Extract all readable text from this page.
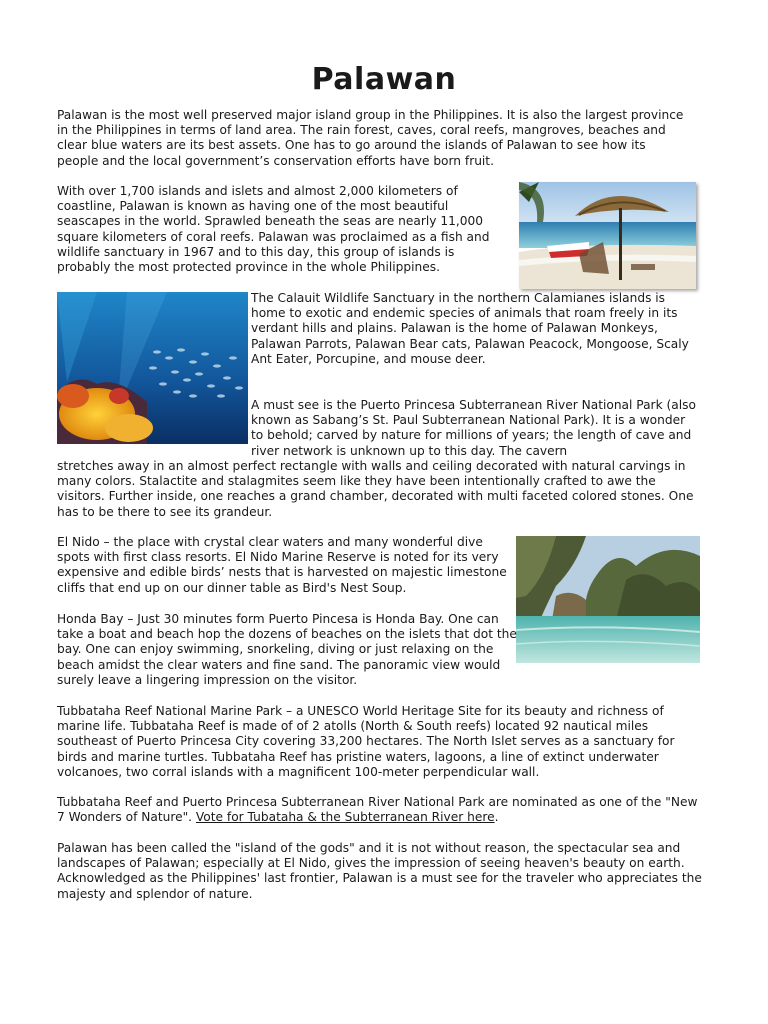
Palawan

Palawan is the most well preserved major island group in the Philippines. It is also the largest province in the Philippines in terms of land area. The rain forest, caves, coral reefs, mangroves, beaches and clear blue waters are its best assets. One has to go around the islands of Palawan to see how its people and the local government’s conservation efforts have born fruit.

With over 1,700 islands and islets and almost 2,000 kilometers of coastline, Palawan is known as having one of the most beautiful seascapes in the world. Sprawled beneath the seas are nearly 11,000 square kilometers of coral reefs. Palawan was proclaimed as a fish and wildlife sanctuary in 1967 and to this day, this group of islands is probably the most protected province in the whole Philippines.

The Calauit Wildlife Sanctuary in the northern Calamianes islands is home to exotic and endemic species of animals that roam freely in its verdant hills and plains. Palawan is the home of Palawan Monkeys, Palawan Parrots, Palawan Bear cats, Palawan Peacock, Mongoose, Scaly Ant Eater, Porcupine, and mouse deer.

A must see is the Puerto Princesa Subterranean River National Park (also known as Sabang’s St. Paul Subterranean National Park). It is a wonder to behold; carved by nature for millions of years; the length of cave and river network is unknown up to this day. The cavern

stretches away in an almost perfect rectangle with walls and ceiling decorated with natural carvings in many colors. Stalactite and stalagmites seem like they have been intentionally crafted to awe the visitors. Further inside, one reaches a grand chamber, decorated with multi faceted colored stones. One has to be there to see its grandeur.

El Nido – the place with crystal clear waters and many wonderful dive spots with first class resorts. El Nido Marine Reserve is noted for its very expensive and edible birds’ nests that is harvested on majestic limestone cliffs that end up on our dinner table as Bird's Nest Soup.

Honda Bay – Just 30 minutes form Puerto Pincesa is Honda Bay. One can take a boat and beach hop the dozens of beaches on the islets that dot the bay. One can enjoy swimming, snorkeling, diving or just relaxing on the beach amidst the clear waters and fine sand. The panoramic view would surely leave a lingering impression on the visitor.

Tubbataha Reef National Marine Park – a UNESCO World Heritage Site for its beauty and richness of marine life. Tubbataha Reef is made of of 2 atolls (North & South reefs) located 92 nautical miles southeast of Puerto Princesa City covering 33,200 hectares. The North Islet serves as a sanctuary for birds and marine turtles. Tubbataha Reef has pristine waters, lagoons, a line of extinct underwater volcanoes, two corral islands with a magnificent 100-meter perpendicular wall.

Tubbataha Reef and Puerto Princesa Subterranean River National Park are nominated as one of the "New 7 Wonders of Nature". Vote for Tubataha & the Subterranean River here.

Palawan has been called the "island of the gods" and it is not without reason, the spectacular sea and landscapes of Palawan; especially at El Nido, gives the impression of seeing heaven's beauty on earth. Acknowledged as the Philippines' last frontier, Palawan is a must see for the traveler who appreciates the majesty and splendor of nature.
